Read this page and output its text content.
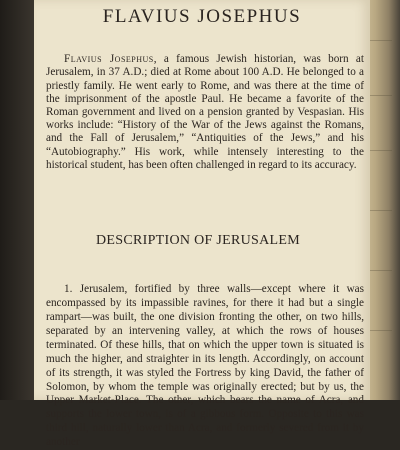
FLAVIUS JOSEPHUS

Flavius Josephus, a famous Jewish historian, was born at Jerusalem, in 37 A.D.; died at Rome about 100 A.D. He belonged to a priestly family. He went early to Rome, and was there at the time of the imprisonment of the apostle Paul. He became a favorite of the Roman government and lived on a pension granted by Vespasian. His works include: “History of the War of the Jews against the Romans, and the Fall of Jerusalem,” “Antiquities of the Jews,” and his “Autobiography.” His work, while intensely interesting to the historical student, has been often challenged in regard to its accuracy.

DESCRIPTION OF JERUSALEM

1. Jerusalem, fortified by three walls—except where it was encompassed by its impassible ravines, for there it had but a single rampart—was built, the one division fronting the other, on two hills, separated by an intervening valley, at which the rows of houses terminated. Of these hills, that on which the upper town is situated is much the higher, and straighter in its length. Accordingly, on account of its strength, it was styled the Fortress by king David, the father of Solomon, by whom the temple was originally erected; but by us, the Upper Market-Place. The other, which bears the name of Acra, and supports the lower town, is of a gibbous form. Opposite to this was third hill, naturally lower than Acra, and formerly severed from it by another
